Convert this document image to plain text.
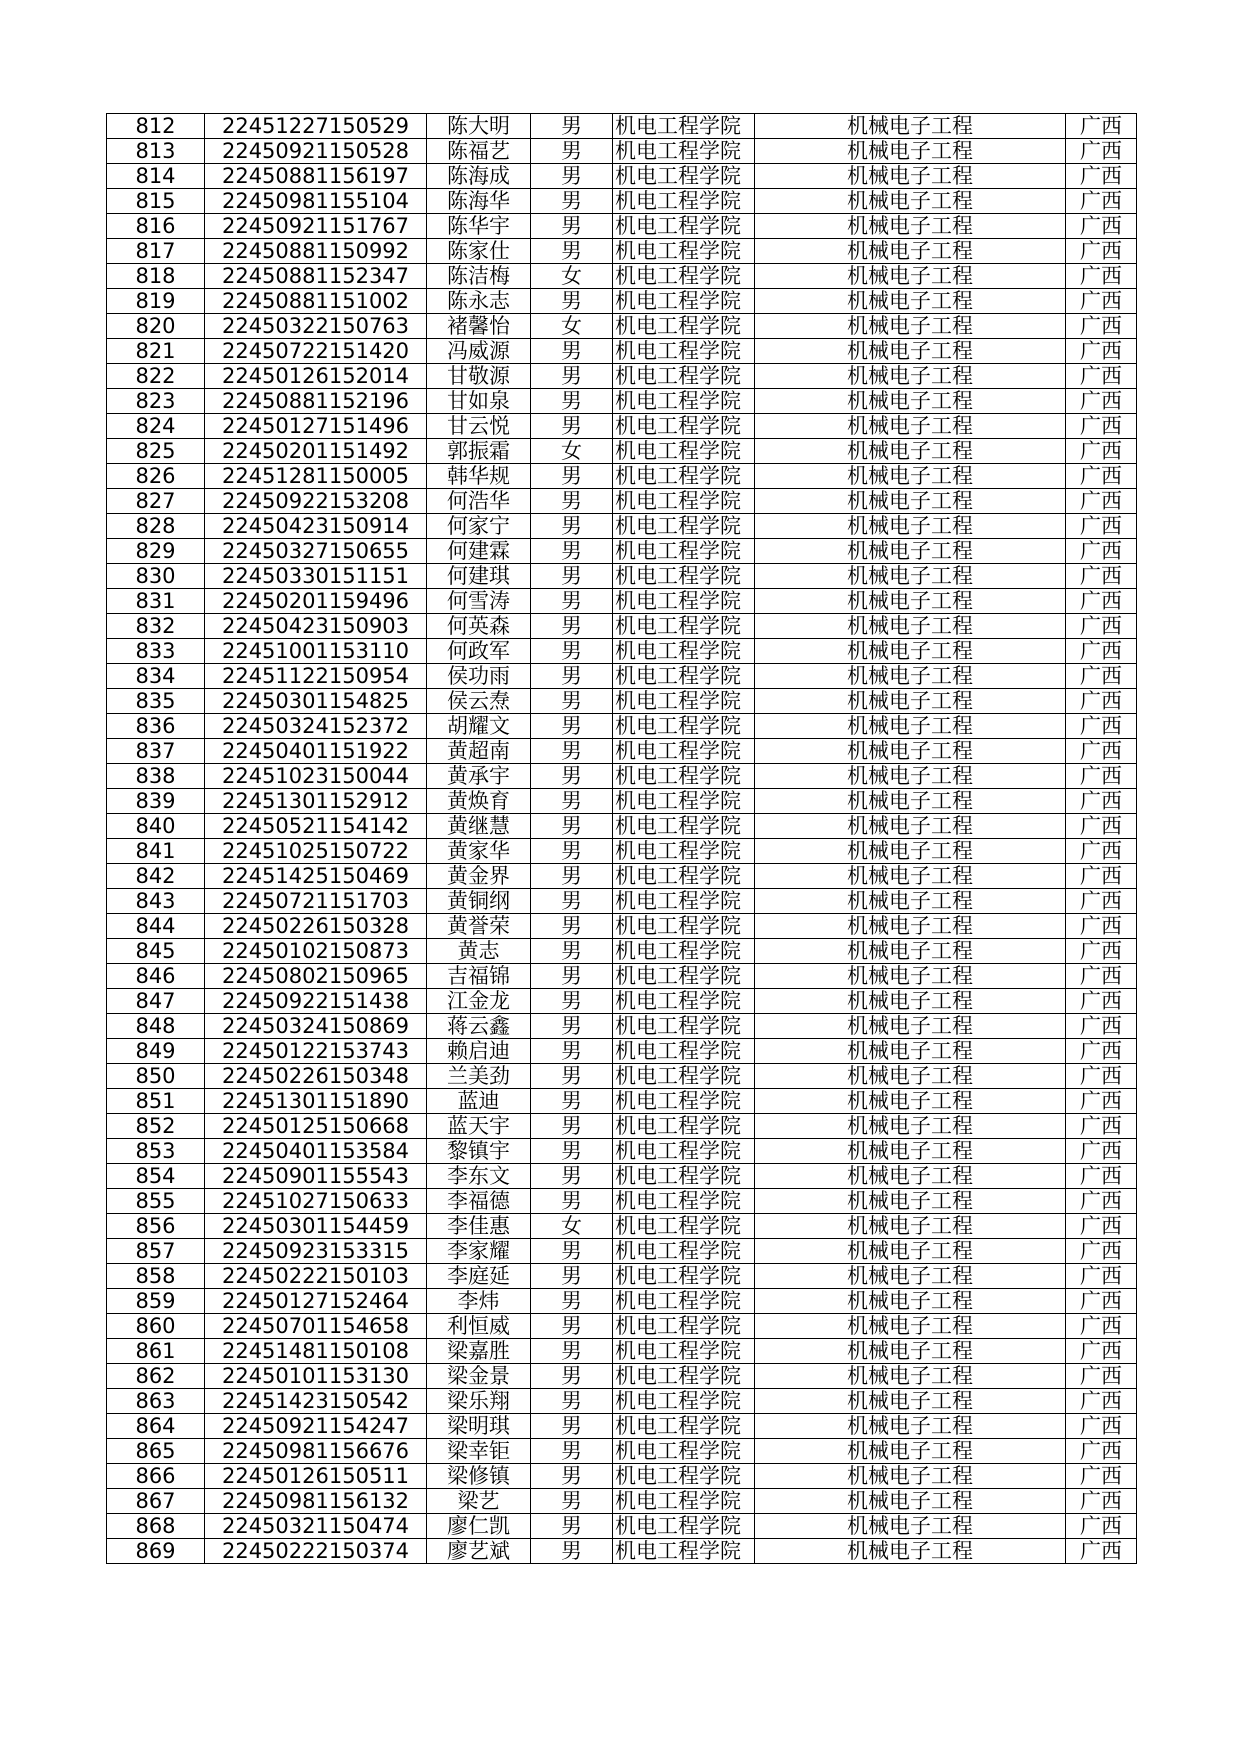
812	22451227150529	陈大明	男	机电工程学院	机械电子工程	广西
813	22450921150528	陈福艺	男	机电工程学院	机械电子工程	广西
814	22450881156197	陈海成	男	机电工程学院	机械电子工程	广西
815	22450981155104	陈海华	男	机电工程学院	机械电子工程	广西
816	22450921151767	陈华宇	男	机电工程学院	机械电子工程	广西
817	22450881150992	陈家仕	男	机电工程学院	机械电子工程	广西
818	22450881152347	陈洁梅	女	机电工程学院	机械电子工程	广西
819	22450881151002	陈永志	男	机电工程学院	机械电子工程	广西
820	22450322150763	褚馨怡	女	机电工程学院	机械电子工程	广西
821	22450722151420	冯威源	男	机电工程学院	机械电子工程	广西
822	22450126152014	甘敬源	男	机电工程学院	机械电子工程	广西
823	22450881152196	甘如泉	男	机电工程学院	机械电子工程	广西
824	22450127151496	甘云悦	男	机电工程学院	机械电子工程	广西
825	22450201151492	郭振霜	女	机电工程学院	机械电子工程	广西
826	22451281150005	韩华规	男	机电工程学院	机械电子工程	广西
827	22450922153208	何浩华	男	机电工程学院	机械电子工程	广西
828	22450423150914	何家宁	男	机电工程学院	机械电子工程	广西
829	22450327150655	何建霖	男	机电工程学院	机械电子工程	广西
830	22450330151151	何建琪	男	机电工程学院	机械电子工程	广西
831	22450201159496	何雪涛	男	机电工程学院	机械电子工程	广西
832	22450423150903	何英森	男	机电工程学院	机械电子工程	广西
833	22451001153110	何政军	男	机电工程学院	机械电子工程	广西
834	22451122150954	侯功雨	男	机电工程学院	机械电子工程	广西
835	22450301154825	侯云焘	男	机电工程学院	机械电子工程	广西
836	22450324152372	胡耀文	男	机电工程学院	机械电子工程	广西
837	22450401151922	黄超南	男	机电工程学院	机械电子工程	广西
838	22451023150044	黄承宇	男	机电工程学院	机械电子工程	广西
839	22451301152912	黄焕育	男	机电工程学院	机械电子工程	广西
840	22450521154142	黄继慧	男	机电工程学院	机械电子工程	广西
841	22451025150722	黄家华	男	机电工程学院	机械电子工程	广西
842	22451425150469	黄金界	男	机电工程学院	机械电子工程	广西
843	22450721151703	黄铜纲	男	机电工程学院	机械电子工程	广西
844	22450226150328	黄誉荣	男	机电工程学院	机械电子工程	广西
845	22450102150873	黄志	男	机电工程学院	机械电子工程	广西
846	22450802150965	吉福锦	男	机电工程学院	机械电子工程	广西
847	22450922151438	江金龙	男	机电工程学院	机械电子工程	广西
848	22450324150869	蒋云鑫	男	机电工程学院	机械电子工程	广西
849	22450122153743	赖启迪	男	机电工程学院	机械电子工程	广西
850	22450226150348	兰美劲	男	机电工程学院	机械电子工程	广西
851	22451301151890	蓝迪	男	机电工程学院	机械电子工程	广西
852	22450125150668	蓝天宇	男	机电工程学院	机械电子工程	广西
853	22450401153584	黎镇宇	男	机电工程学院	机械电子工程	广西
854	22450901155543	李东文	男	机电工程学院	机械电子工程	广西
855	22451027150633	李福德	男	机电工程学院	机械电子工程	广西
856	22450301154459	李佳惠	女	机电工程学院	机械电子工程	广西
857	22450923153315	李家耀	男	机电工程学院	机械电子工程	广西
858	22450222150103	李庭延	男	机电工程学院	机械电子工程	广西
859	22450127152464	李炜	男	机电工程学院	机械电子工程	广西
860	22450701154658	利恒威	男	机电工程学院	机械电子工程	广西
861	22451481150108	梁嘉胜	男	机电工程学院	机械电子工程	广西
862	22450101153130	梁金景	男	机电工程学院	机械电子工程	广西
863	22451423150542	梁乐翔	男	机电工程学院	机械电子工程	广西
864	22450921154247	梁明琪	男	机电工程学院	机械电子工程	广西
865	22450981156676	梁幸钜	男	机电工程学院	机械电子工程	广西
866	22450126150511	梁修镇	男	机电工程学院	机械电子工程	广西
867	22450981156132	梁艺	男	机电工程学院	机械电子工程	广西
868	22450321150474	廖仁凯	男	机电工程学院	机械电子工程	广西
869	22450222150374	廖艺斌	男	机电工程学院	机械电子工程	广西
